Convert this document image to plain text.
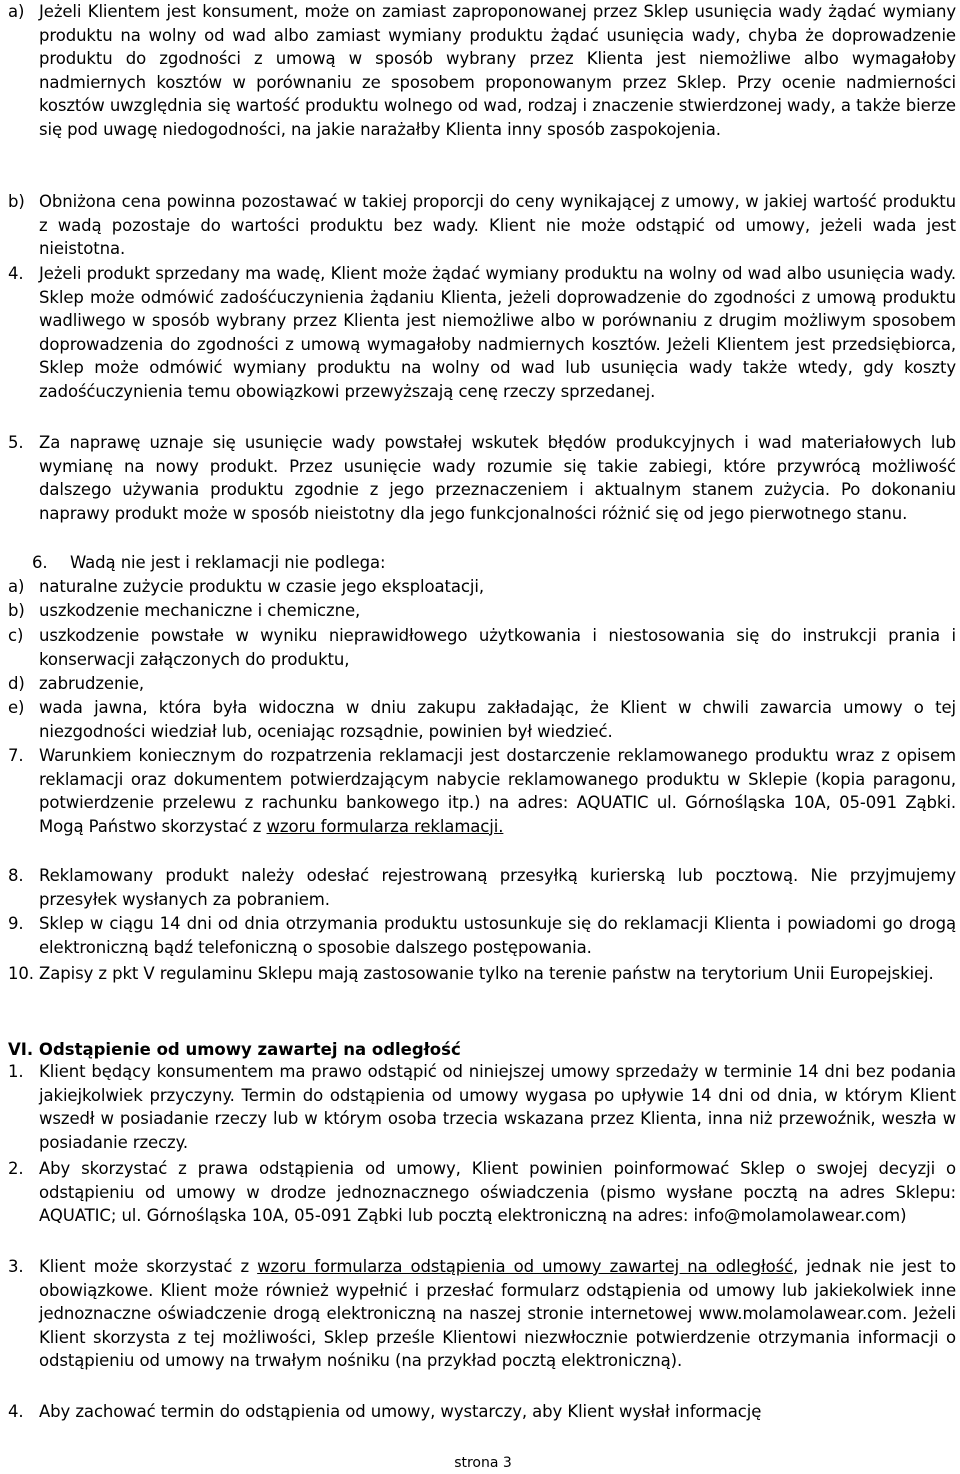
a) Jeżeli Klientem jest konsument, może on zamiast zaproponowanej przez Sklep usunięcia wady żądać wymiany produktu na wolny od wad albo zamiast wymiany produktu żądać usunięcia wady, chyba że doprowadzenie produktu do zgodności z umową w sposób wybrany przez Klienta jest niemożliwe albo wymagałoby nadmiernych kosztów w porównaniu ze sposobem proponowanym przez Sklep. Przy ocenie nadmierności kosztów uwzględnia się wartość produktu wolnego od wad, rodzaj i znaczenie stwierdzonej wady, a także bierze się pod uwagę niedogodności, na jakie narażałby Klienta inny sposób zaspokojenia.
b) Obniżona cena powinna pozostawać w takiej proporcji do ceny wynikającej z umowy, w jakiej wartość produktu z wadą pozostaje do wartości produktu bez wady. Klient nie może odstąpić od umowy, jeżeli wada jest nieistotna.
4. Jeżeli produkt sprzedany ma wadę, Klient może żądać wymiany produktu na wolny od wad albo usunięcia wady. Sklep może odmówić zadośćuczynienia żądaniu Klienta, jeżeli doprowadzenie do zgodności z umową produktu wadliwego w sposób wybrany przez Klienta jest niemożliwe albo w porównaniu z drugim możliwym sposobem doprowadzenia do zgodności z umową wymagałoby nadmiernych kosztów. Jeżeli Klientem jest przedsiębiorca, Sklep może odmówić wymiany produktu na wolny od wad lub usunięcia wady także wtedy, gdy koszty zadośćuczynienia temu obowiązkowi przewyższają cenę rzeczy sprzedanej.
5. Za naprawę uznaje się usunięcie wady powstałej wskutek błędów produkcyjnych i wad materiałowych lub wymianę na nowy produkt. Przez usunięcie wady rozumie się takie zabiegi, które przywrócą możliwość dalszego używania produktu zgodnie z jego przeznaczeniem i aktualnym stanem zużycia. Po dokonaniu naprawy produkt może w sposób nieistotny dla jego funkcjonalności różnić się od jego pierwotnego stanu.
6.	Wadą nie jest i reklamacji nie podlega:
a) naturalne zużycie produktu w czasie jego eksploatacji,
b) uszkodzenie mechaniczne i chemiczne,
c) uszkodzenie powstałe w wyniku nieprawidłowego użytkowania i niestosowania się do instrukcji prania i konserwacji załączonych do produktu,
d) zabrudzenie,
e) wada jawna, która była widoczna w dniu zakupu zakładając, że Klient w chwili zawarcia umowy o tej niezgodności wiedział lub, oceniając rozsądnie, powinien był wiedzieć.
7. Warunkiem koniecznym do rozpatrzenia reklamacji jest dostarczenie reklamowanego produktu wraz z opisem reklamacji oraz dokumentem potwierdzającym nabycie reklamowanego produktu w Sklepie (kopia paragonu, potwierdzenie przelewu z rachunku bankowego itp.) na adres: AQUATIC ul. Górnośląska 10A, 05-091 Ząbki. Mogą Państwo skorzystać z wzoru formularza reklamacji.
8. Reklamowany produkt należy odesłać rejestrowaną przesyłką kurierską lub pocztową. Nie przyjmujemy przesyłek wysłanych za pobraniem.
9. Sklep w ciągu 14 dni od dnia otrzymania produktu ustosunkuje się do reklamacji Klienta i powiadomi go drogą elektroniczną bądź telefoniczną o sposobie dalszego postępowania.
10. Zapisy z pkt V regulaminu Sklepu mają zastosowanie tylko na terenie państw na terytorium Unii Europejskiej.
VI. Odstąpienie od umowy zawartej na odległość
1. Klient będący konsumentem ma prawo odstąpić od niniejszej umowy sprzedaży w terminie 14 dni bez podania jakiejkolwiek przyczyny. Termin do odstąpienia od umowy wygasa po upływie 14 dni od dnia, w którym Klient wszedł w posiadanie rzeczy lub w którym osoba trzecia wskazana przez Klienta, inna niż przewoźnik, weszła w posiadanie rzeczy.
2. Aby skorzystać z prawa odstąpienia od umowy, Klient powinien poinformować Sklep o swojej decyzji o odstąpieniu od umowy w drodze jednoznacznego oświadczenia (pismo wysłane pocztą na adres Sklepu: AQUATIC; ul. Górnośląska 10A, 05-091 Ząbki lub pocztą elektroniczną na adres: info@molamolawear.com)
3. Klient może skorzystać z wzoru formularza odstąpienia od umowy zawartej na odległość, jednak nie jest to obowiązkowe. Klient może również wypełnić i przesłać formularz odstąpienia od umowy lub jakiekolwiek inne jednoznaczne oświadczenie drogą elektroniczną na naszej stronie internetowej www.molamolawear.com. Jeżeli Klient skorzysta z tej możliwości, Sklep prześle Klientowi niezwłocznie potwierdzenie otrzymania informacji o odstąpieniu od umowy na trwałym nośniku (na przykład pocztą elektroniczną).
4. Aby zachować termin do odstąpienia od umowy, wystarczy, aby Klient wysłał informację
strona 3
